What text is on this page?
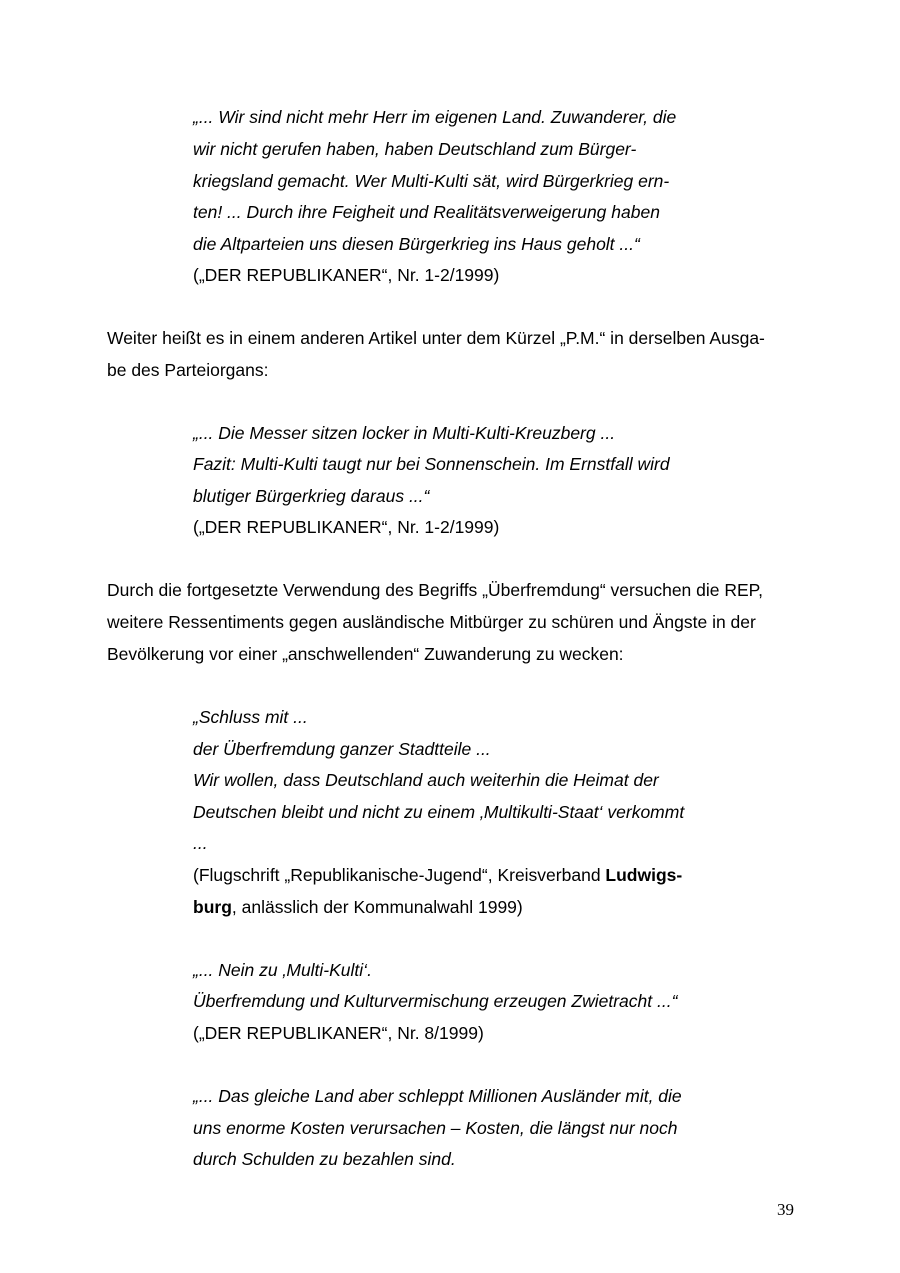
„... Wir sind nicht mehr Herr im eigenen Land. Zuwanderer, die
wir nicht gerufen haben, haben Deutschland zum Bürger-
kriegsland gemacht. Wer Multi-Kulti sät, wird Bürgerkrieg ern-
ten! ... Durch ihre Feigheit und Realitätsverweigerung haben
die Altparteien uns diesen Bürgerkrieg ins Haus geholt ...“
(„DER REPUBLIKANER“, Nr. 1-2/1999)
Weiter heißt es in einem anderen Artikel unter dem Kürzel „P.M.“ in derselben Ausga-
be des Parteiorgans:
„... Die Messer sitzen locker in Multi-Kulti-Kreuzberg ...
Fazit: Multi-Kulti taugt nur bei Sonnenschein. Im Ernstfall wird
blutiger Bürgerkrieg daraus ...“
(„DER REPUBLIKANER“, Nr. 1-2/1999)
Durch die fortgesetzte Verwendung des Begriffs „Überfremdung“ versuchen die REP,
weitere Ressentiments gegen ausländische Mitbürger zu schüren und Ängste in der
Bevölkerung vor einer „anschwellenden“ Zuwanderung zu wecken:
„Schluss mit ...
der Überfremdung ganzer Stadtteile ...
Wir wollen, dass Deutschland auch weiterhin die Heimat der
Deutschen bleibt und nicht zu einem ‚Multikulti-Staat‘ verkommt
...
(Flugschrift „Republikanische-Jugend“, Kreisverband Ludwigs-
burg, anlässlich der Kommunalwahl 1999)
„... Nein zu ‚Multi-Kulti‘.
Überfremdung und Kulturvermischung erzeugen Zwietracht ...“
(„DER REPUBLIKANER“, Nr. 8/1999)
„... Das gleiche Land aber schleppt Millionen Ausländer mit, die
uns enorme Kosten verursachen – Kosten, die längst nur noch
durch Schulden zu bezahlen sind.
39
